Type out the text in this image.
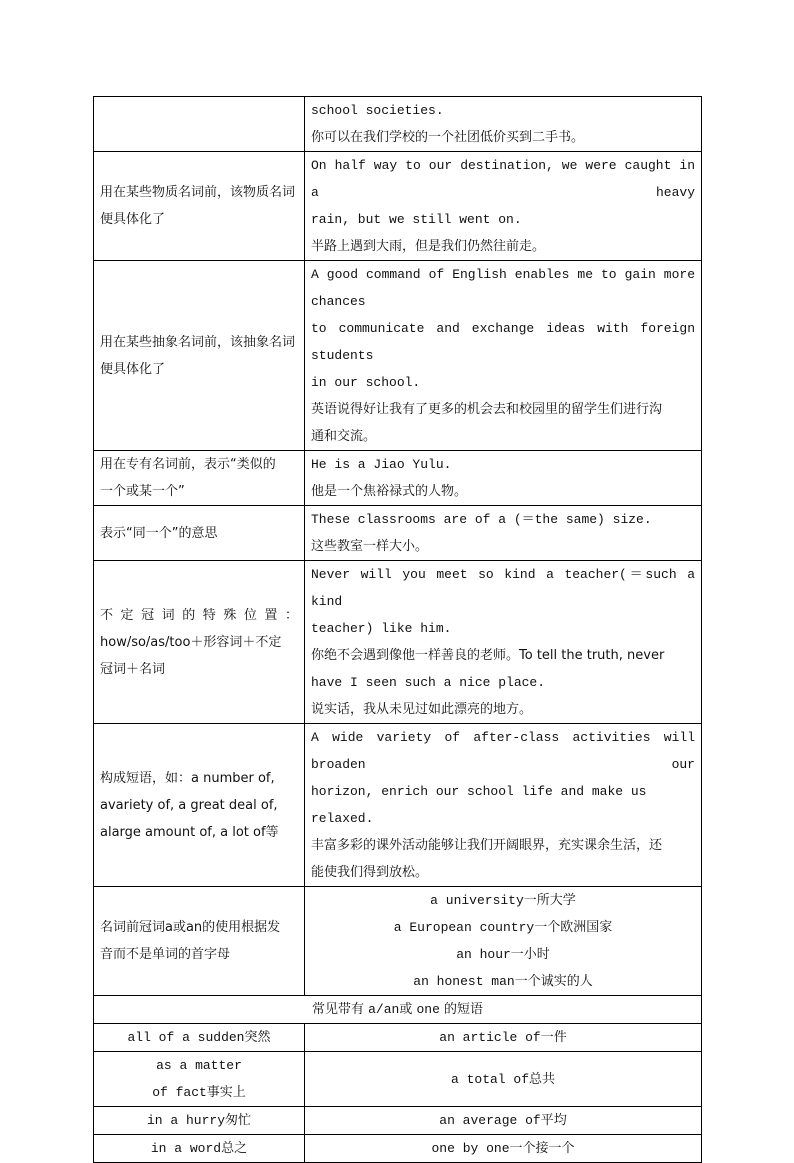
	school societies.
你可以在我们学校的一个社团低价买到二手书。

用在某些物质名词前，该物质名词便具体化了	On half way to our destination, we were caught in a heavy
rain, but we still went on.
半路上遇到大雨，但是我们仍然往前走。

用在某些抽象名词前，该抽象名词便具体化了	A good command of English enables me to gain more chances
to communicate and exchange ideas with foreign students
in our school.
英语说得好让我有了更多的机会去和校园里的留学生们进行沟
通和交流。

用在专有名词前，表示“类似的
一个或某一个”	He is a Jiao Yulu.
他是一个焦裕禄式的人物。

表示“同一个”的意思	These classrooms are of a (＝the same) size.
这些教室一样大小。

不定冠词的特殊位置：
how/so/as/too＋形容词＋不定
冠词＋名词	Never will you meet so kind a teacher(＝such a kind
teacher) like him.
你绝不会遇到像他一样善良的老师。To tell the truth, never
have I seen such a nice place.
说实话，我从未见过如此漂亮的地方。

构成短语，如：a number of,
avariety of, a great deal of,
alarge amount of, a lot of等	A wide variety of after-class activities will broaden our
horizon, enrich our school life and make us relaxed.
丰富多彩的课外活动能够让我们开阔眼界，充实课余生活，还
能使我们得到放松。

名词前冠词a或an的使用根据发
音而不是单词的首字母	a university一所大学
a European country一个欧洲国家
an hour一小时
an honest man一个诚实的人

常见带有 a/an或 one 的短语	
all of a sudden突然	an article of一件

as a matter
of fact事实上	a total of总共
in a hurry匆忙	an average of平均
in a word总之	one by one一个接一个
